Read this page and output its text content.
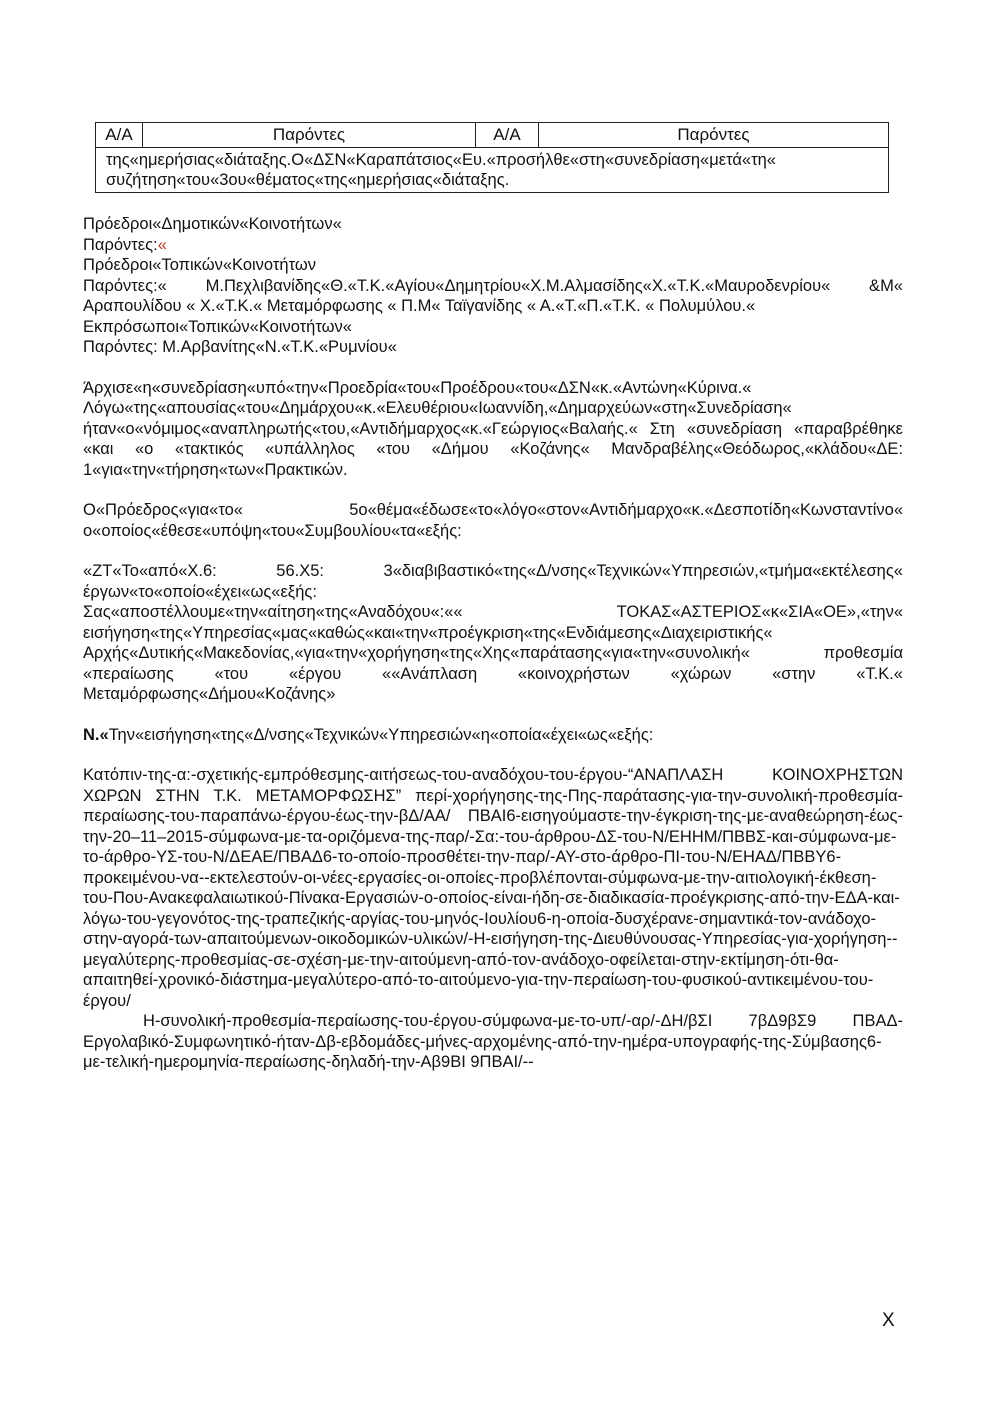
Α/Α	Παρόντες	Α/Α	Παρόντες

της«ημερήσιας«διάταξης.Ο«ΔΣΝ«Καραπάτσιος«Ευ.«προσήλθε«στη«συνεδρίαση«μετά«τη«
συζήτηση«του«3ου«θέματος«της«ημερήσιας«διάταξης.

Πρόεδροι«Δημοτικών«Κοινοτήτων«

Παρόντες:«

Πρόεδροι«Τοπικών«Κοινοτήτων

Παρόντες:« Μ.Πεχλιβανίδης«Θ.«Τ.Κ.«Αγίου«Δημητρίου«Χ.Μ.Αλμασίδης«Χ.«Τ.Κ.«Μαυροδενρίου« &Μ« Αραπουλίδου « Χ.«Τ.Κ.« Μεταμόρφωσης « Π.Μ« Ταϊγανίδης « Α.«Τ.«Π.«Τ.Κ. « Πολυμύλου.«

Εκπρόσωποι«Τοπικών«Κοινοτήτων«

Παρόντες: Μ.Αρβανίτης«Ν.«Τ.Κ.«Ρυμνίου«

Άρχισε«η«συνεδρίαση«υπό«την«Προεδρία«του«Προέδρου«του«ΔΣΝ«κ.«Αντώνη«Κύρινα.« Λόγω«της«απουσίας«του«Δημάρχου«κ.«Ελευθέριου«Ιωαννίδη,«Δημαρχεύων«στη«Συνεδρίαση« ήταν«ο«νόμιμος«αναπληρωτής«του,«Αντιδήμαρχος«κ.«Γεώργιος«Βαλαής.« Στη «συνεδρίαση «παραβρέθηκε «και «ο «τακτικός «υπάλληλος «του «Δήμου «Κοζάνης« Μανδραβέλης«Θεόδωρος,«κλάδου«ΔΕ: 1«για«την«τήρηση«των«Πρακτικών.

Ο«Πρόεδρος«για«το« 5ο«θέμα«έδωσε«το«λόγο«στον«Αντιδήμαρχο«κ.«Δεσποτίδη«Κωνσταντίνο« ο«οποίος«έθεσε«υπόψη«του«Συμβουλίου«τα«εξής:

«ΖΤ«Το«από«Χ.6: 56.Χ5: 3«διαβιβαστικό«της«Δ/νσης«Τεχνικών«Υπηρεσιών,«τμήμα«εκτέλεσης« έργων«το«οποίο«έχει«ως«εξής:

Σας«αποστέλλουμε«την«αίτηση«της«Αναδόχου«:«« ΤΟΚΑΣ«ΑΣΤΕΡΙΟΣ«κ«ΣΙΑ«ΟΕ»,«την« εισήγηση«της«Υπηρεσίας«μας«καθώς«και«την«προέγκριση«της«Ενδιάμεσης«Διαχειριστικής« Αρχής«Δυτικής«Μακεδονίας,«για«την«χορήγηση«της«Χης«παράτασης«για«την«συνολική« προθεσμία «περαίωσης «του «έργου ««Ανάπλαση «κοινοχρήστων «χώρων «στην «Τ.Κ.« Μεταμόρφωσης«Δήμου«Κοζάνης»

Ν.«Την«εισήγηση«της«Δ/νσης«Τεχνικών«Υπηρεσιών«η«οποία«έχει«ως«εξής:

Κατόπιν-της-α:-σχετικής-εμπρόθεσμης-αιτήσεως-του-αναδόχου-του-έργου-“ΑΝΑΠΛΑΣΗ ΚΟΙΝΟΧΡΗΣΤΩΝ ΧΩΡΩΝ ΣΤΗΝ Τ.Κ. ΜΕΤΑΜΟΡΦΩΣΗΣ” περί-χορήγησης-της-Πης-παράτασης-για-την-συνολική-προθεσμία-περαίωσης-του-παραπάνω-έργου-έως-την-βΔ/ΑΑ/ ΠΒΑΙ6-εισηγούμαστε-την-έγκριση-της-με-αναθεώρηση-έως-την-20–11–2015-σύμφωνα-με-τα-οριζόμενα-της-παρ/-Σα:-του-άρθρου-ΔΣ-του-Ν/ΕΗΗΜ/ΠΒΒΣ-και-σύμφωνα-με-το-άρθρο-ΥΣ-του-Ν/ΔΕΑΕ/ΠΒΑΔ6-το-οποίο-προσθέτει-την-παρ/-ΑΥ-στο-άρθρο-ΠΙ-του-Ν/ΕΗΑΔ/ΠΒΒΥ6-προκειμένου-να--εκτελεστούν-οι-νέες-εργασίες-οι-οποίες-προβλέπονται-σύμφωνα-με-την-αιτιολογική-έκθεση-του-Που-Ανακεφαλαιωτικού-Πίνακα-Εργασιών-ο-οποίος-είναι-ήδη-σε-διαδικασία-προέγκρισης-από-την-ΕΔΑ-και-λόγω-του-γεγονότος-της-τραπεζικής-αργίας-του-μηνός-Ιουλίου6-η-οποία-δυσχέρανε-σημαντικά-τον-ανάδοχο-στην-αγορά-των-απαιτούμενων-οικοδομικών-υλικών/-Η-εισήγηση-της-Διευθύνουσας-Υπηρεσίας-για-χορήγηση--μεγαλύτερης-προθεσμίας-σε-σχέση-με-την-αιτούμενη-από-τον-ανάδοχο-οφείλεται-στην-εκτίμηση-ότι-θα-απαιτηθεί-χρονικό-διάστημα-μεγαλύτερο-από-το-αιτούμενο-για-την-περαίωση-του-φυσικού-αντικειμένου-του-έργου/

Η-συνολική-προθεσμία-περαίωσης-του-έργου-σύμφωνα-με-το-υπ/-αρ/-ΔΗ/βΣΙ 7βΔ9βΣ9 ΠΒΑΔ-Εργολαβικό-Συμφωνητικό-ήταν-Δβ-εβδομάδες-μήνες-αρχομένης-από-την-ημέρα-υπογραφής-της-Σύμβασης6-με-τελική-ημερομηνία-περαίωσης-δηλαδή-την-Αβ9ΒΙ 9ΠΒΑΙ/--

Χ
